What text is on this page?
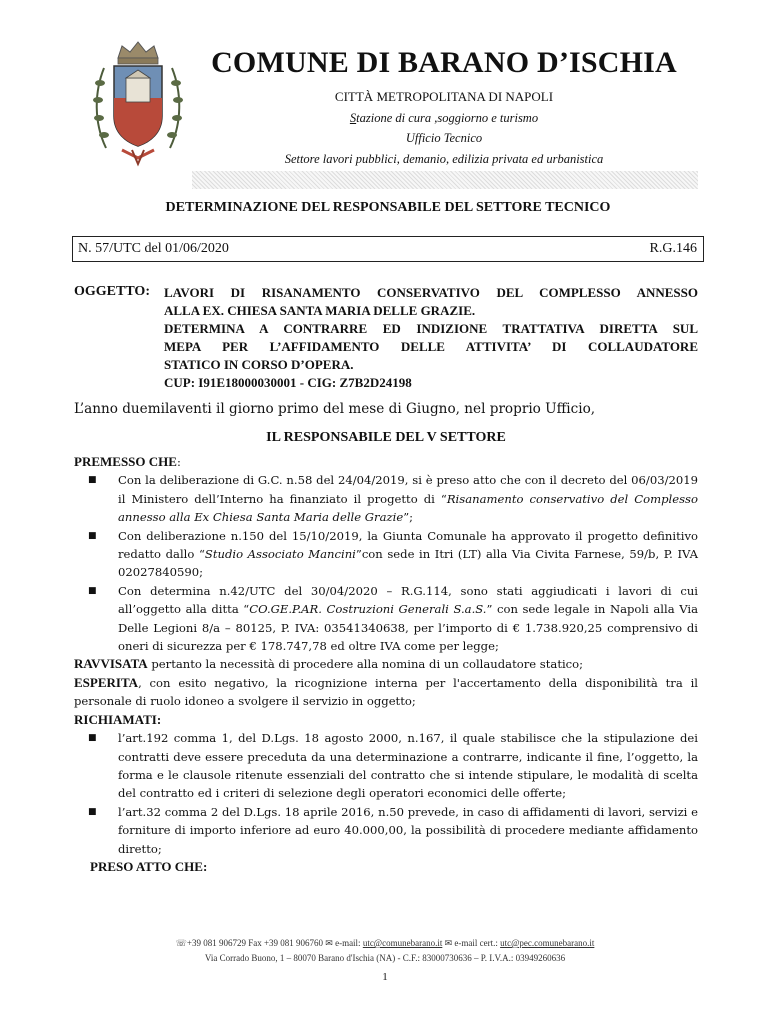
COMUNE DI BARANO D’ISCHIA
CITTÀ METROPOLITANA DI NAPOLI
Stazione di cura ,soggiorno e turismo
Ufficio Tecnico
Settore lavori pubblici, demanio, edilizia privata ed urbanistica
DETERMINAZIONE DEL RESPONSABILE DEL SETTORE TECNICO
N. 57/UTC del 01/06/2020	R.G.146
OGGETTO: LAVORI DI RISANAMENTO CONSERVATIVO DEL COMPLESSO ANNESSO
ALLA EX. CHIESA SANTA MARIA DELLE GRAZIE.
DETERMINA A CONTRARRE ED INDIZIONE TRATTATIVA DIRETTA SUL
MEPA PER L’AFFIDAMENTO DELLE ATTIVITA’ DI COLLAUDATORE
STATICO IN CORSO D’OPERA.
CUP: I91E18000030001 - CIG: Z7B2D24198
L’anno duemilaventi il giorno primo del mese di Giugno, nel proprio Ufficio,
IL RESPONSABILE DEL V SETTORE
PREMESSO CHE:
■ Con la deliberazione di G.C. n.58 del 24/04/2019, si è preso atto che con il decreto del 06/03/2019 il Ministero dell’Interno ha finanziato il progetto di “Risanamento conservativo del Complesso annesso alla Ex Chiesa Santa Maria delle Grazie”;
■ Con deliberazione n.150 del 15/10/2019, la Giunta Comunale ha approvato il progetto definitivo redatto dallo “Studio Associato Mancini”con sede in Itri (LT) alla Via Civita Farnese, 59/b, P. IVA 02027840590;
■ Con determina n.42/UTC del 30/04/2020 – R.G.114, sono stati aggiudicati i lavori di cui all’oggetto alla ditta “CO.GE.P.AR. Costruzioni Generali S.a.S.” con sede legale in Napoli alla Via Delle Legioni 8/a – 80125, P. IVA: 03541340638, per l’importo di € 1.738.920,25 comprensivo di oneri di sicurezza per € 178.747,78 ed oltre IVA come per legge;
RAVVISATA pertanto la necessità di procedere alla nomina di un collaudatore statico;
ESPERITA, con esito negativo, la ricognizione interna per l'accertamento della disponibilità tra il personale di ruolo idoneo a svolgere il servizio in oggetto;
RICHIAMATI:
■ l’art.192 comma 1, del D.Lgs. 18 agosto 2000, n.167, il quale stabilisce che la stipulazione dei contratti deve essere preceduta da una determinazione a contrarre, indicante il fine, l’oggetto, la forma e le clausole ritenute essenziali del contratto che si intende stipulare, le modalità di scelta del contratto ed i criteri di selezione degli operatori economici delle offerte;
■ l’art.32 comma 2 del D.Lgs. 18 aprile 2016, n.50 prevede, in caso di affidamenti di lavori, servizi e forniture di importo inferiore ad euro 40.000,00, la possibilità di procedere mediante affidamento diretto;
PRESO ATTO CHE:
☏+39 081 906729 Fax +39 081 906760 ✉ e-mail: utc@comunebarano.it ✉ e-mail cert.: utc@pec.comunebarano.it
Via Corrado Buono, 1 – 80070 Barano d'Ischia (NA) - C.F.: 83000730636 – P. I.V.A.: 03949260636
1
